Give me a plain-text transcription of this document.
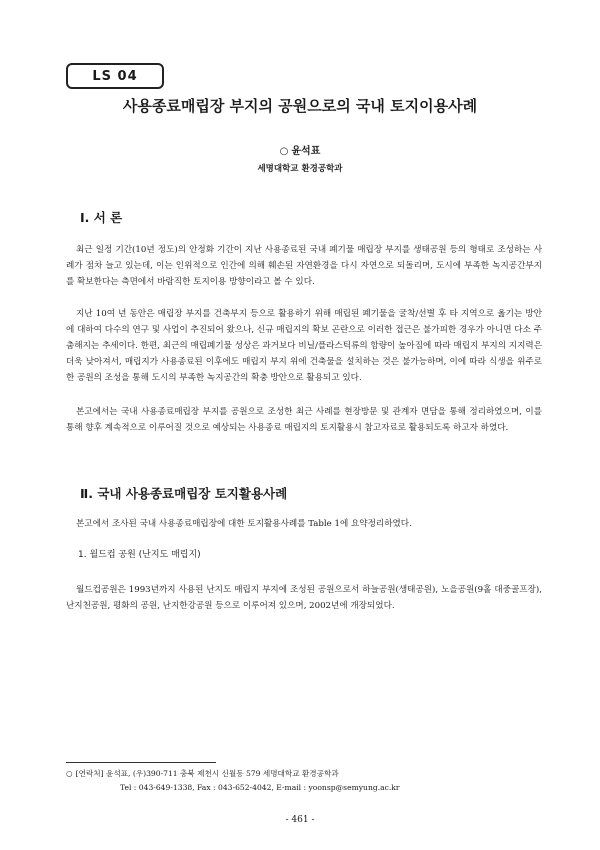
LS 04
사용종료매립장 부지의 공원으로의 국내 토지이용사례
○ 윤석표
세명대학교 환경공학과
Ⅰ. 서 론
최근 일정 기간(10년 정도)의 안정화 기간이 지난 사용종료된 국내 폐기물 매립장 부지를 생태공원 등의 형태로 조성하는 사례가 점차 늘고 있는데, 이는 인위적으로 인간에 의해 훼손된 자연환경을 다시 자연으로 되돌리며, 도시에 부족한 녹지공간부지를 확보한다는 측면에서 바람직한 토지이용 방향이라고 볼 수 있다.
지난 10여 년 동안은 매립장 부지를 건축부지 등으로 활용하기 위해 매립된 폐기물을 굴착/선별 후 타 지역으로 옮기는 방안에 대하여 다수의 연구 및 사업이 추진되어 왔으나, 신규 매립지의 확보 곤란으로 이러한 접근은 불가피한 경우가 아니면 다소 주춤해지는 추세이다. 한편, 최근의 매립폐기물 성상은 과거보다 비닐/플라스틱류의 함량이 높아짐에 따라 매립지 부지의 지지력은 더욱 낮아져서, 매립지가 사용종료된 이후에도 매립지 부지 위에 건축물을 설치하는 것은 불가능하며, 이에 따라 식생을 위주로 한 공원의 조성을 통해 도시의 부족한 녹지공간의 확충 방안으로 활용되고 있다.
본고에서는 국내 사용종료매립장 부지를 공원으로 조성한 최근 사례를 현장방문 및 관계자 면담을 통해 정리하였으며, 이를 통해 향후 계속적으로 이루어질 것으로 예상되는 사용종료 매립지의 토지활용시 참고자료로 활용되도록 하고자 하였다.
Ⅱ. 국내 사용종료매립장 토지활용사례
본고에서 조사된 국내 사용종료매립장에 대한 토지활용사례를 Table 1에 요약정리하였다.
1. 월드컵 공원 (난지도 매립지)
월드컵공원은 1993년까지 사용된 난지도 매립지 부지에 조성된 공원으로서 하늘공원(생태공원), 노을공원(9홀 대중골프장), 난지천공원, 평화의 공원, 난지한강공원 등으로 이루어져 있으며, 2002년에 개장되었다.
○ [연락처] 윤석표, (우)390-711 충북 제천시 신월동 579 세명대학교 환경공학과
Tel : 043-649-1338, Fax : 043-652-4042, E-mail : yoonsp@semyung.ac.kr
- 461 -
